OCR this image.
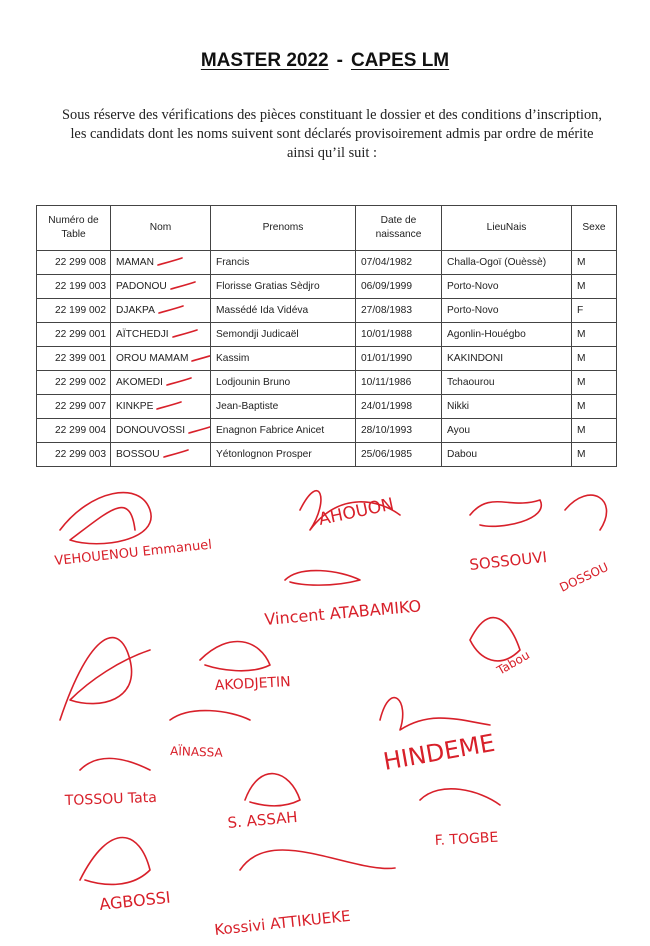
MASTER 2022 - CAPES LM
Sous réserve des vérifications des pièces constituant le dossier et des conditions d’inscription, les candidats dont les noms suivent sont déclarés provisoirement admis par ordre de mérite ainsi qu’il suit :
Numéro de Table	Nom	Prenoms	Date de naissance	LieuNais	Sexe
22 299 008	MAMAN	Francis	07/04/1982	Challa-Ogoï (Ouèssè)	M
22 199 003	PADONOU	Florisse Gratias Sèdjro	06/09/1999	Porto-Novo	M
22 199 002	DJAKPA	Massédé Ida Vidéva	27/08/1983	Porto-Novo	F
22 299 001	AÏTCHEDJI	Semondji Judicaël	10/01/1988	Agonlin-Houégbo	M
22 399 001	OROU MAMAM	Kassim	01/01/1990	KAKINDONI	M
22 299 002	AKOMEDI	Lodjounin Bruno	10/11/1986	Tchaourou	M
22 299 007	KINKPE	Jean-Baptiste	24/01/1998	Nikki	M
22 299 004	DONOUVOSSI	Enagnon Fabrice Anicet	28/10/1993	Ayou	M
22 299 003	BOSSOU	Yétonlognon Prosper	25/06/1985	Dabou	M
VEHOUENOU Emmanuel
AHOUON
SOSSOUVI
Vincent ATABAMIKO
AKODJETIN
AÏNASSA	HINDEME
TOSSOU Tata
S. ASSAH
F. TOGBE
AGBOSSI
Kossivi ATTIKUEKE
Tabou
DOSSOU
